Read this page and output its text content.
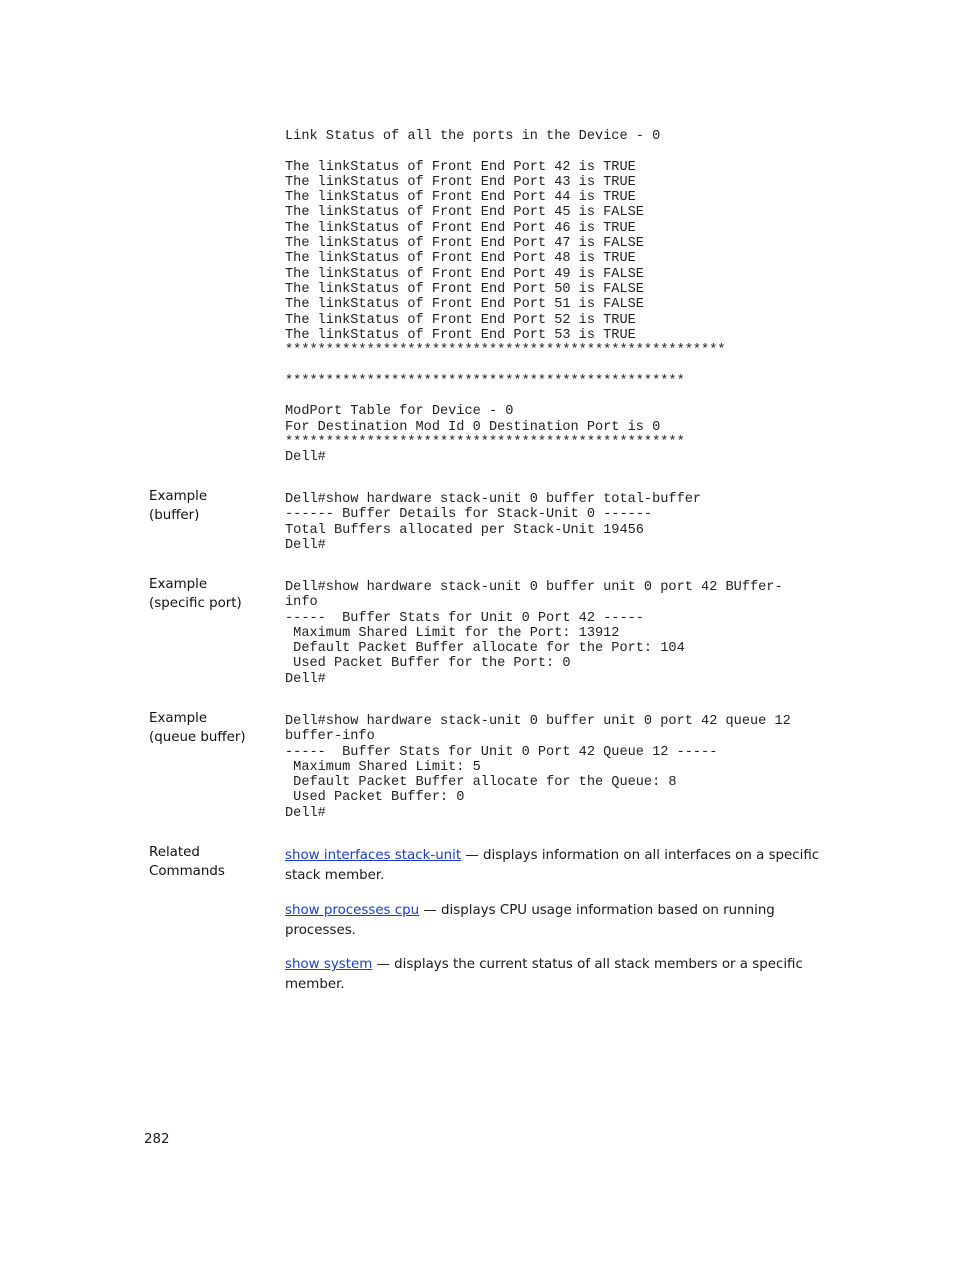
Link Status of all the ports in the Device - 0

The linkStatus of Front End Port 42 is TRUE
The linkStatus of Front End Port 43 is TRUE
The linkStatus of Front End Port 44 is TRUE
The linkStatus of Front End Port 45 is FALSE
The linkStatus of Front End Port 46 is TRUE
The linkStatus of Front End Port 47 is FALSE
The linkStatus of Front End Port 48 is TRUE
The linkStatus of Front End Port 49 is FALSE
The linkStatus of Front End Port 50 is FALSE
The linkStatus of Front End Port 51 is FALSE
The linkStatus of Front End Port 52 is TRUE
The linkStatus of Front End Port 53 is TRUE
******************************************************

*************************************************

ModPort Table for Device - 0
For Destination Mod Id 0 Destination Port is 0
*************************************************
Dell#
Example
(buffer)
Dell#show hardware stack-unit 0 buffer total-buffer
------ Buffer Details for Stack-Unit 0 ------
Total Buffers allocated per Stack-Unit 19456
Dell#
Example
(specific port)
Dell#show hardware stack-unit 0 buffer unit 0 port 42 BUffer-
info
-----  Buffer Stats for Unit 0 Port 42 -----
Maximum Shared Limit for the Port: 13912
Default Packet Buffer allocate for the Port: 104
Used Packet Buffer for the Port: 0
Dell#
Example
(queue buffer)
Dell#show hardware stack-unit 0 buffer unit 0 port 42 queue 12
buffer-info
-----  Buffer Stats for Unit 0 Port 42 Queue 12 -----
Maximum Shared Limit: 5
Default Packet Buffer allocate for the Queue: 8
Used Packet Buffer: 0
Dell#
Related
Commands
show interfaces stack-unit — displays information on all interfaces on a specific stack member.
show processes cpu — displays CPU usage information based on running processes.
show system — displays the current status of all stack members or a specific member.
282
